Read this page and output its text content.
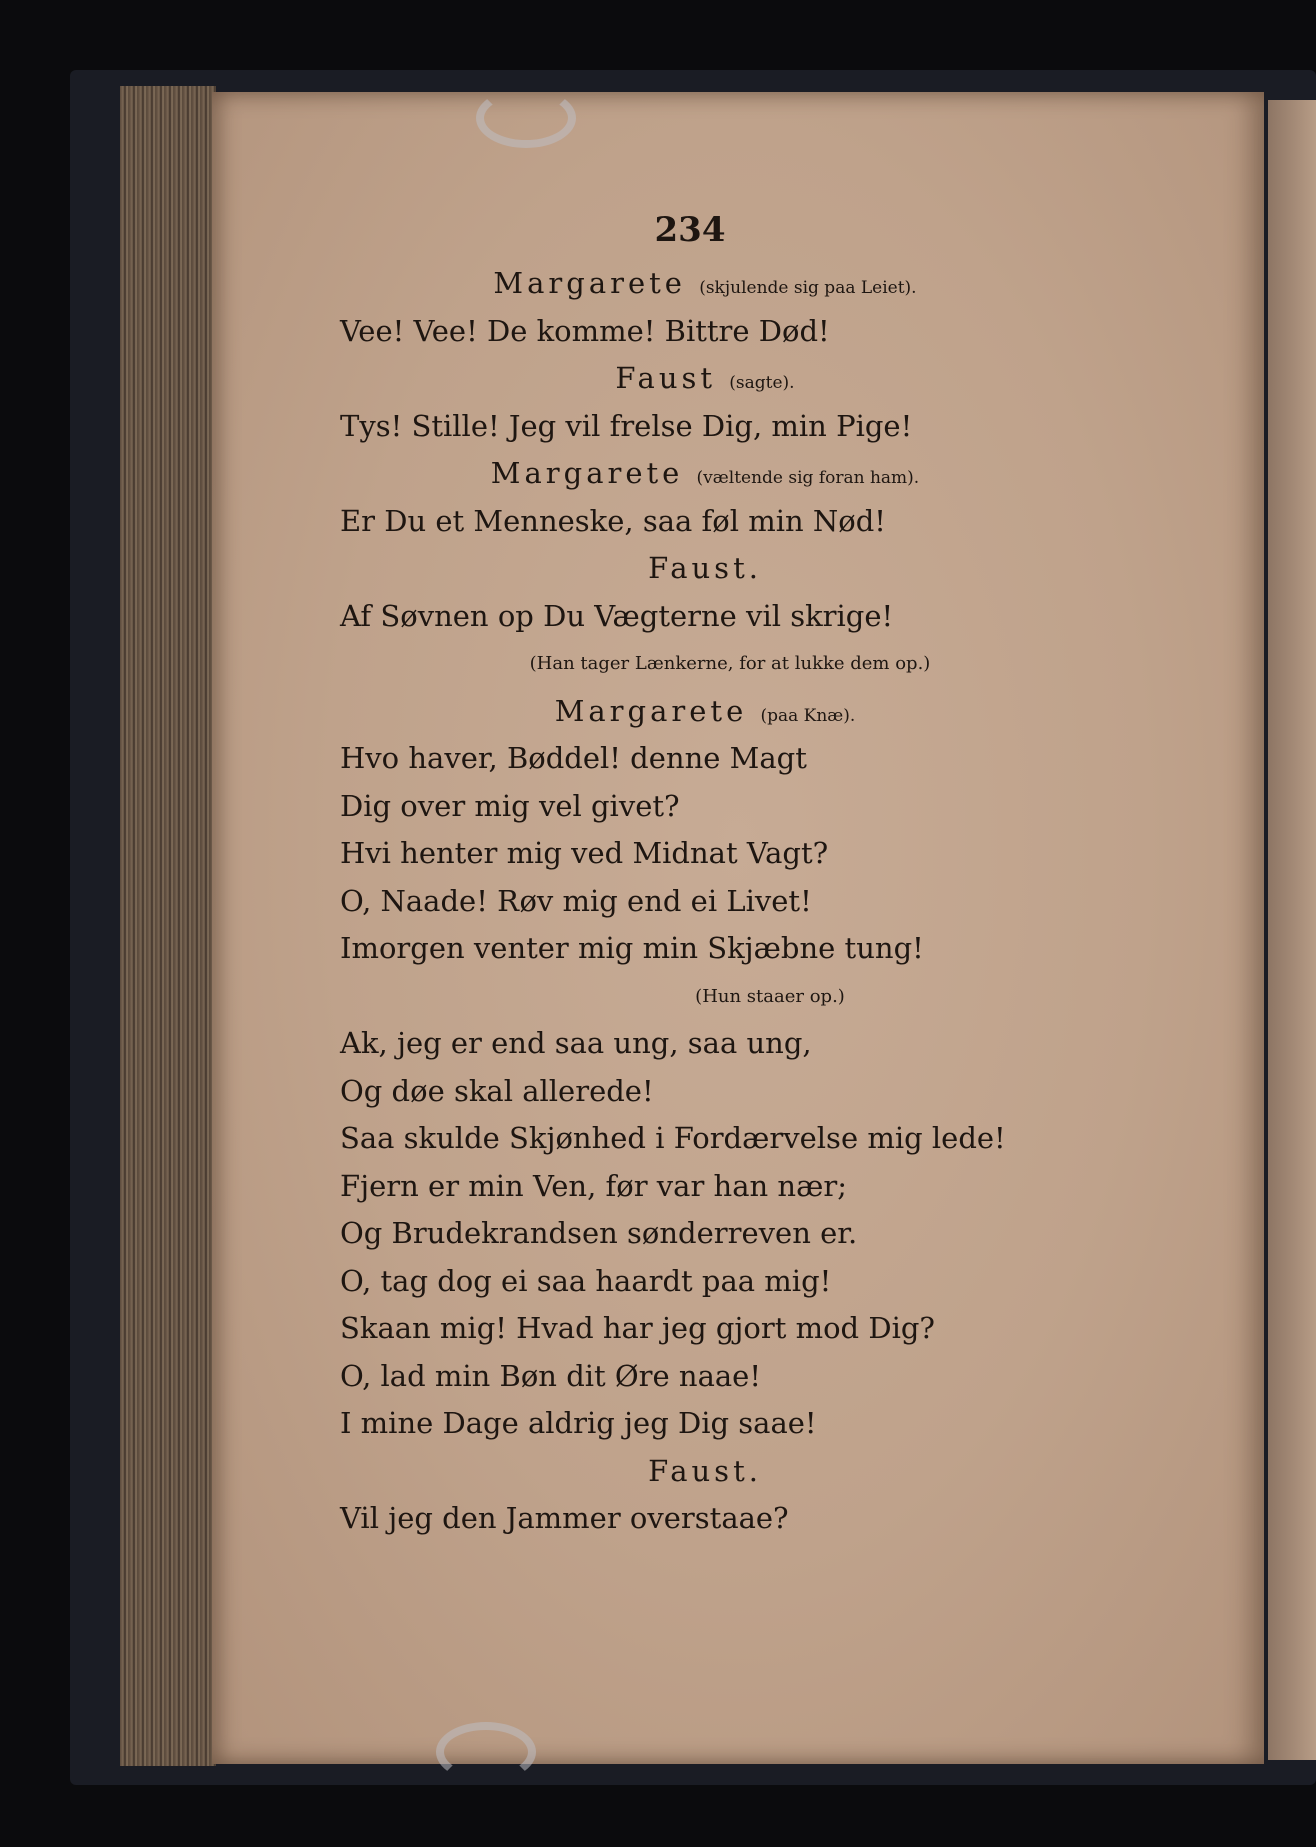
234
Margarete (skjulende sig paa Leiet).
Vee! Vee! De komme! Bittre Død!
Faust (sagte).
Tys! Stille! Jeg vil frelse Dig, min Pige!
Margarete (væltende sig foran ham).
Er Du et Menneske, saa føl min Nød!
Faust.
Af Søvnen op Du Vægterne vil skrige!
(Han tager Lænkerne, for at lukke dem op.)
Margarete (paa Knæ).
Hvo haver, Bøddel! denne Magt
Dig over mig vel givet?
Hvi henter mig ved Midnat Vagt?
O, Naade! Røv mig end ei Livet!
Imorgen venter mig min Skjæbne tung!
(Hun staaer op.)
Ak, jeg er end saa ung, saa ung,
Og døe skal allerede!
Saa skulde Skjønhed i Fordærvelse mig lede!
Fjern er min Ven, før var han nær;
Og Brudekrandsen sønderreven er.
O, tag dog ei saa haardt paa mig!
Skaan mig! Hvad har jeg gjort mod Dig?
O, lad min Bøn dit Øre naae!
I mine Dage aldrig jeg Dig saae!
Faust.
Vil jeg den Jammer overstaae?
